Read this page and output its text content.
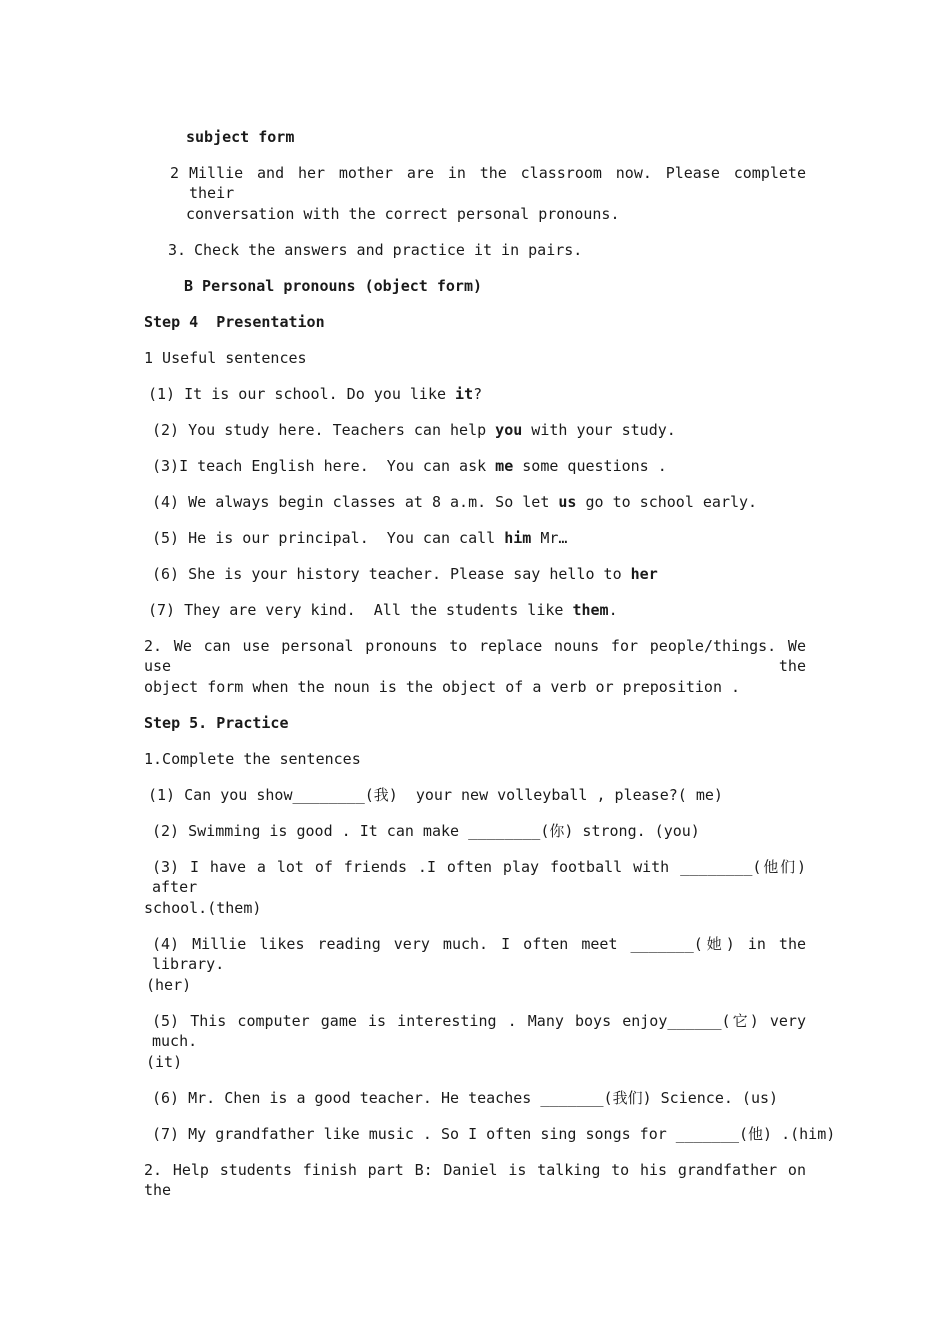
subject form
2 Millie and her mother are in the classroom now. Please complete their
conversation with the correct personal pronouns.
3. Check the answers and practice it in pairs.
B Personal pronouns (object form)
Step 4  Presentation
1 Useful sentences
(1) It is our school. Do you like it?
(2) You study here. Teachers can help you with your study.
(3)I teach English here.  You can ask me some questions .
(4) We always begin classes at 8 a.m. So let us go to school early.
(5) He is our principal.  You can call him Mr…
(6) She is your history teacher. Please say hello to her
(7) They are very kind.  All the students like them.
2. We can use personal pronouns to replace nouns for people/things. We use the
object form when the noun is the object of a verb or preposition .
Step 5. Practice
1.Complete the sentences
(1) Can you show________(我)  your new volleyball , please?( me)
(2) Swimming is good . It can make ________(你) strong. (you)
(3) I have a lot of friends .I often play football with ________(他们) after
school.(them)
(4) Millie likes reading very much. I often meet _______(她) in the library.
(her)
(5) This computer game is interesting . Many boys enjoy______(它) very much.
(it)
(6) Mr. Chen is a good teacher. He teaches _______(我们) Science. (us)
(7) My grandfather like music . So I often sing songs for _______(他) .(him)
2. Help students finish part B: Daniel is talking to his grandfather on the
